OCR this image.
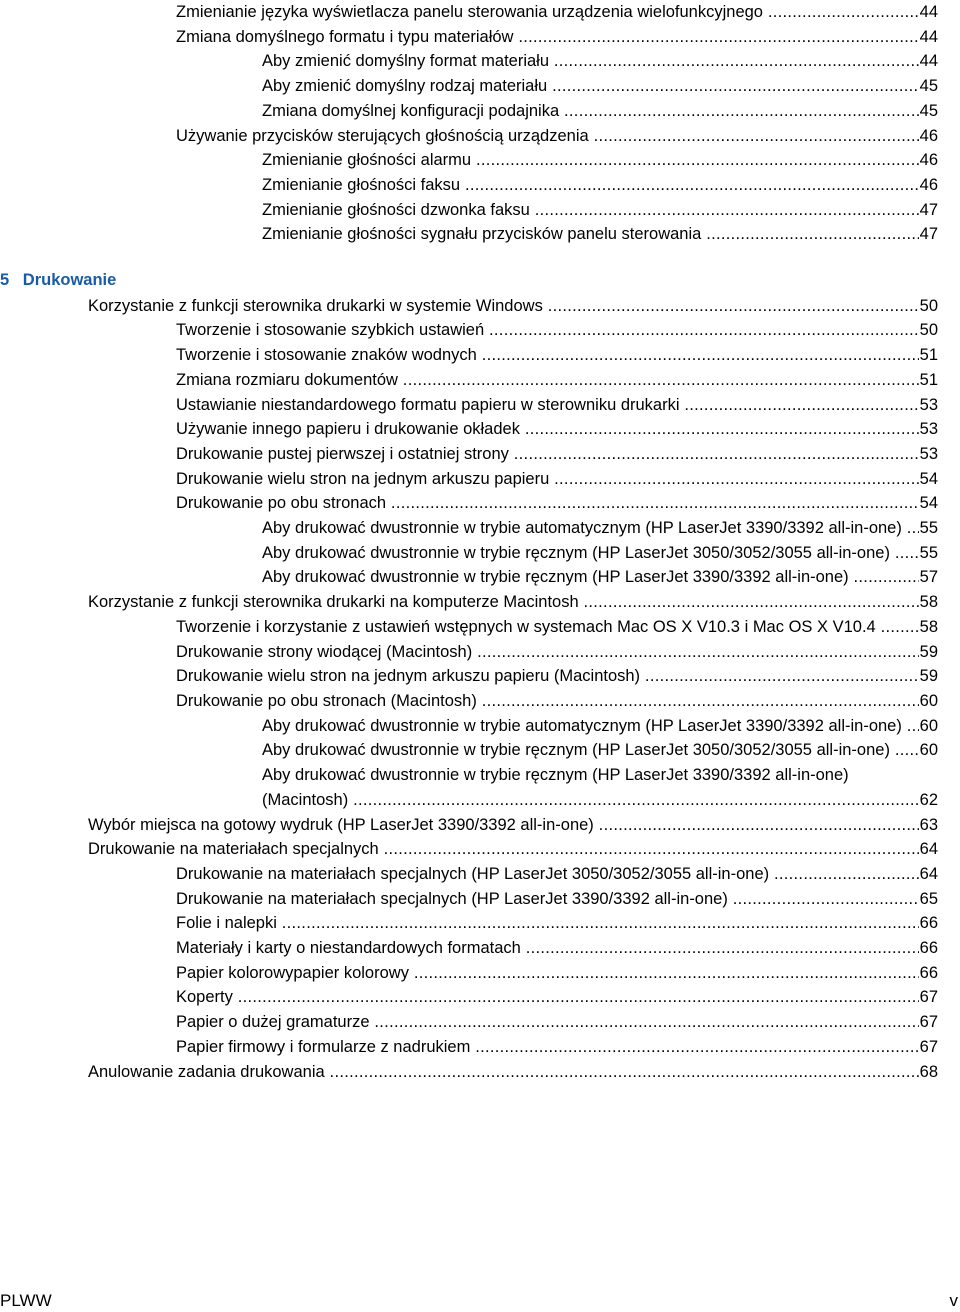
Zmienianie języka wyświetlacza panelu sterowania urządzenia wielofunkcyjnego .....	44
Zmiana domyślnego formatu i typu materiałów .....	44
Aby zmienić domyślny format materiału .....	44
Aby zmienić domyślny rodzaj materiału .....	45
Zmiana domyślnej konfiguracji podajnika .....	45
Używanie przycisków sterujących głośnością urządzenia .....	46
Zmienianie głośności alarmu .....	46
Zmienianie głośności faksu .....	46
Zmienianie głośności dzwonka faksu .....	47
Zmienianie głośności sygnału przycisków panelu sterowania .....	47
5 Drukowanie
Korzystanie z funkcji sterownika drukarki w systemie Windows .....	50
Tworzenie i stosowanie szybkich ustawień .....	50
Tworzenie i stosowanie znaków wodnych .....	51
Zmiana rozmiaru dokumentów .....	51
Ustawianie niestandardowego formatu papieru w sterowniku drukarki .....	53
Używanie innego papieru i drukowanie okładek .....	53
Drukowanie pustej pierwszej i ostatniej strony .....	53
Drukowanie wielu stron na jednym arkuszu papieru .....	54
Drukowanie po obu stronach .....	54
Aby drukować dwustronnie w trybie automatycznym (HP LaserJet 3390/3392 all-in-one) .....	55
Aby drukować dwustronnie w trybie ręcznym (HP LaserJet 3050/3052/3055 all-in-one) .....	55
Aby drukować dwustronnie w trybie ręcznym (HP LaserJet 3390/3392 all-in-one) .....	57
Korzystanie z funkcji sterownika drukarki na komputerze Macintosh .....	58
Tworzenie i korzystanie z ustawień wstępnych w systemach Mac OS X V10.3 i Mac OS X V10.4 .....	58
Drukowanie strony wiodącej (Macintosh) .....	59
Drukowanie wielu stron na jednym arkuszu papieru (Macintosh) .....	59
Drukowanie po obu stronach (Macintosh) .....	60
Aby drukować dwustronnie w trybie automatycznym (HP LaserJet 3390/3392 all-in-one) .....	60
Aby drukować dwustronnie w trybie ręcznym (HP LaserJet 3050/3052/3055 all-in-one) .....	60
Aby drukować dwustronnie w trybie ręcznym (HP LaserJet 3390/3392 all-in-one) (Macintosh) .....	62
Wybór miejsca na gotowy wydruk (HP LaserJet 3390/3392 all-in-one) .....	63
Drukowanie na materiałach specjalnych .....	64
Drukowanie na materiałach specjalnych (HP LaserJet 3050/3052/3055 all-in-one) .....	64
Drukowanie na materiałach specjalnych (HP LaserJet 3390/3392 all-in-one) .....	65
Folie i nalepki .....	66
Materiały i karty o niestandardowych formatach .....	66
Papier kolorowypapier kolorowy .....	66
Koperty .....	67
Papier o dużej gramaturze .....	67
Papier firmowy i formularze z nadrukiem .....	67
Anulowanie zadania drukowania .....	68
PLWW	v
